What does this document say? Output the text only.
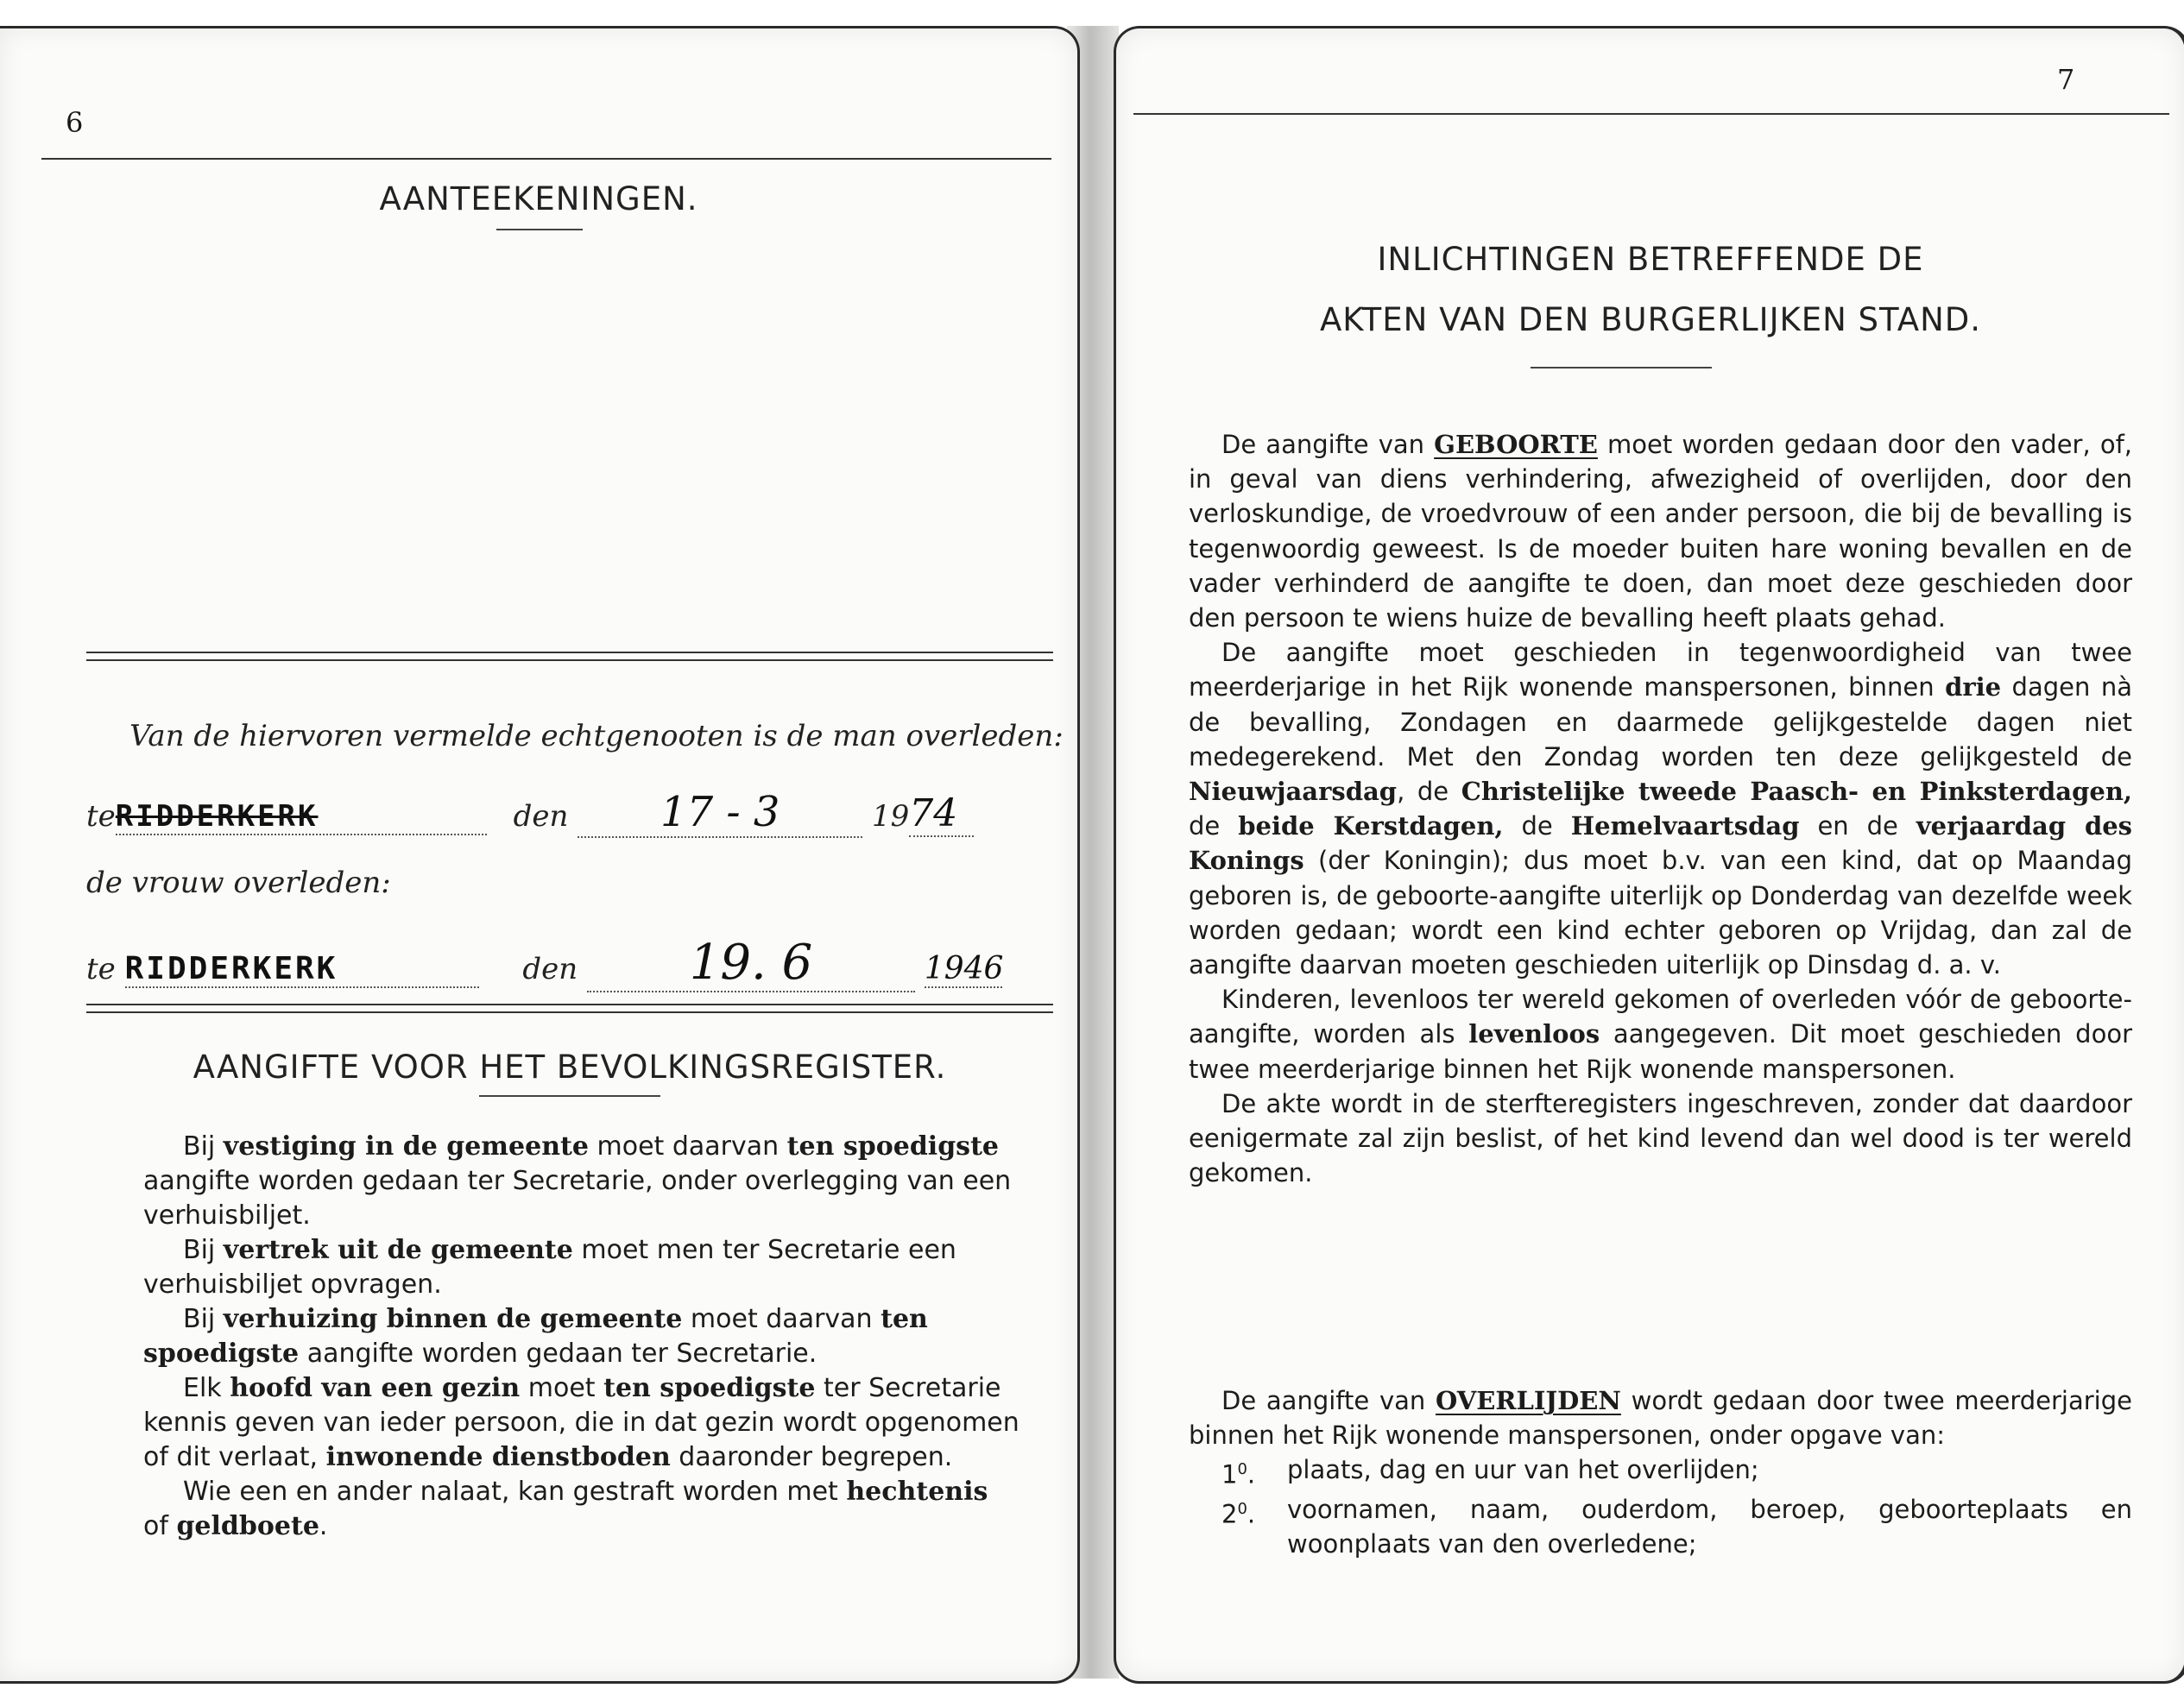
6
AANTEEKENINGEN.
Van de hiervoren vermelde echtgenooten is de man overleden:
teRIDDERKERK	den 17 - 3	1974
de vrouw overleden:
te RIDDERKERK	den 19. 6	1946
AANGIFTE VOOR HET BEVOLKINGSREGISTER.

Bij vestiging in de gemeente moet daarvan ten spoedigste aangifte worden gedaan ter Secretarie, onder overlegging van een verhuisbiljet.

Bij vertrek uit de gemeente moet men ter Secretarie een verhuisbiljet opvragen.

Bij verhuizing binnen de gemeente moet daarvan ten spoedigste aangifte worden gedaan ter Secretarie.

Elk hoofd van een gezin moet ten spoedigste ter Secretarie kennis geven van ieder persoon, die in dat gezin wordt opgenomen of dit verlaat, inwonende dienstboden daaronder begrepen.

Wie een en ander nalaat, kan gestraft worden met hechtenis of geldboete.

7
INLICHTINGEN BETREFFENDE DE
AKTEN VAN DEN BURGERLIJKEN STAND.

De aangifte van GEBOORTE moet worden gedaan door den vader, of, in geval van diens verhindering, afwezigheid of overlijden, door den verloskundige, de vroedvrouw of een ander persoon, die bij de bevalling is tegenwoordig geweest. Is de moeder buiten hare woning bevallen en de vader verhinderd de aangifte te doen, dan moet deze geschieden door den persoon te wiens huize de bevalling heeft plaats gehad.

De aangifte moet geschieden in tegenwoordigheid van twee meerderjarige in het Rijk wonende manspersonen, binnen drie dagen nà de bevalling, Zondagen en daarmede gelijkgestelde dagen niet medegerekend. Met den Zondag worden ten deze gelijkgesteld de Nieuwjaarsdag, de Christelijke tweede Paasch- en Pinksterdagen, de beide Kerstdagen, de Hemelvaartsdag en de verjaardag des Konings (der Koningin); dus moet b.v. van een kind, dat op Maandag geboren is, de geboorte-aangifte uiterlijk op Donderdag van dezelfde week worden gedaan; wordt een kind echter geboren op Vrijdag, dan zal de aangifte daarvan moeten geschieden uiterlijk op Dinsdag d. a. v.

Kinderen, levenloos ter wereld gekomen of overleden vóór de geboorte-aangifte, worden als levenloos aangegeven. Dit moet geschieden door twee meerderjarige binnen het Rijk wonende manspersonen.

De akte wordt in de sterfteregisters ingeschreven, zonder dat daardoor eenigermate zal zijn beslist, of het kind levend dan wel dood is ter wereld gekomen.

De aangifte van OVERLIJDEN wordt gedaan door twee meerderjarige binnen het Rijk wonende manspersonen, onder opgave van:

$1^0$.	plaats, dag en uur van het overlijden;
$2^0$.	voornamen, naam, ouderdom, beroep, geboorteplaats en woonplaats van den overledene;
